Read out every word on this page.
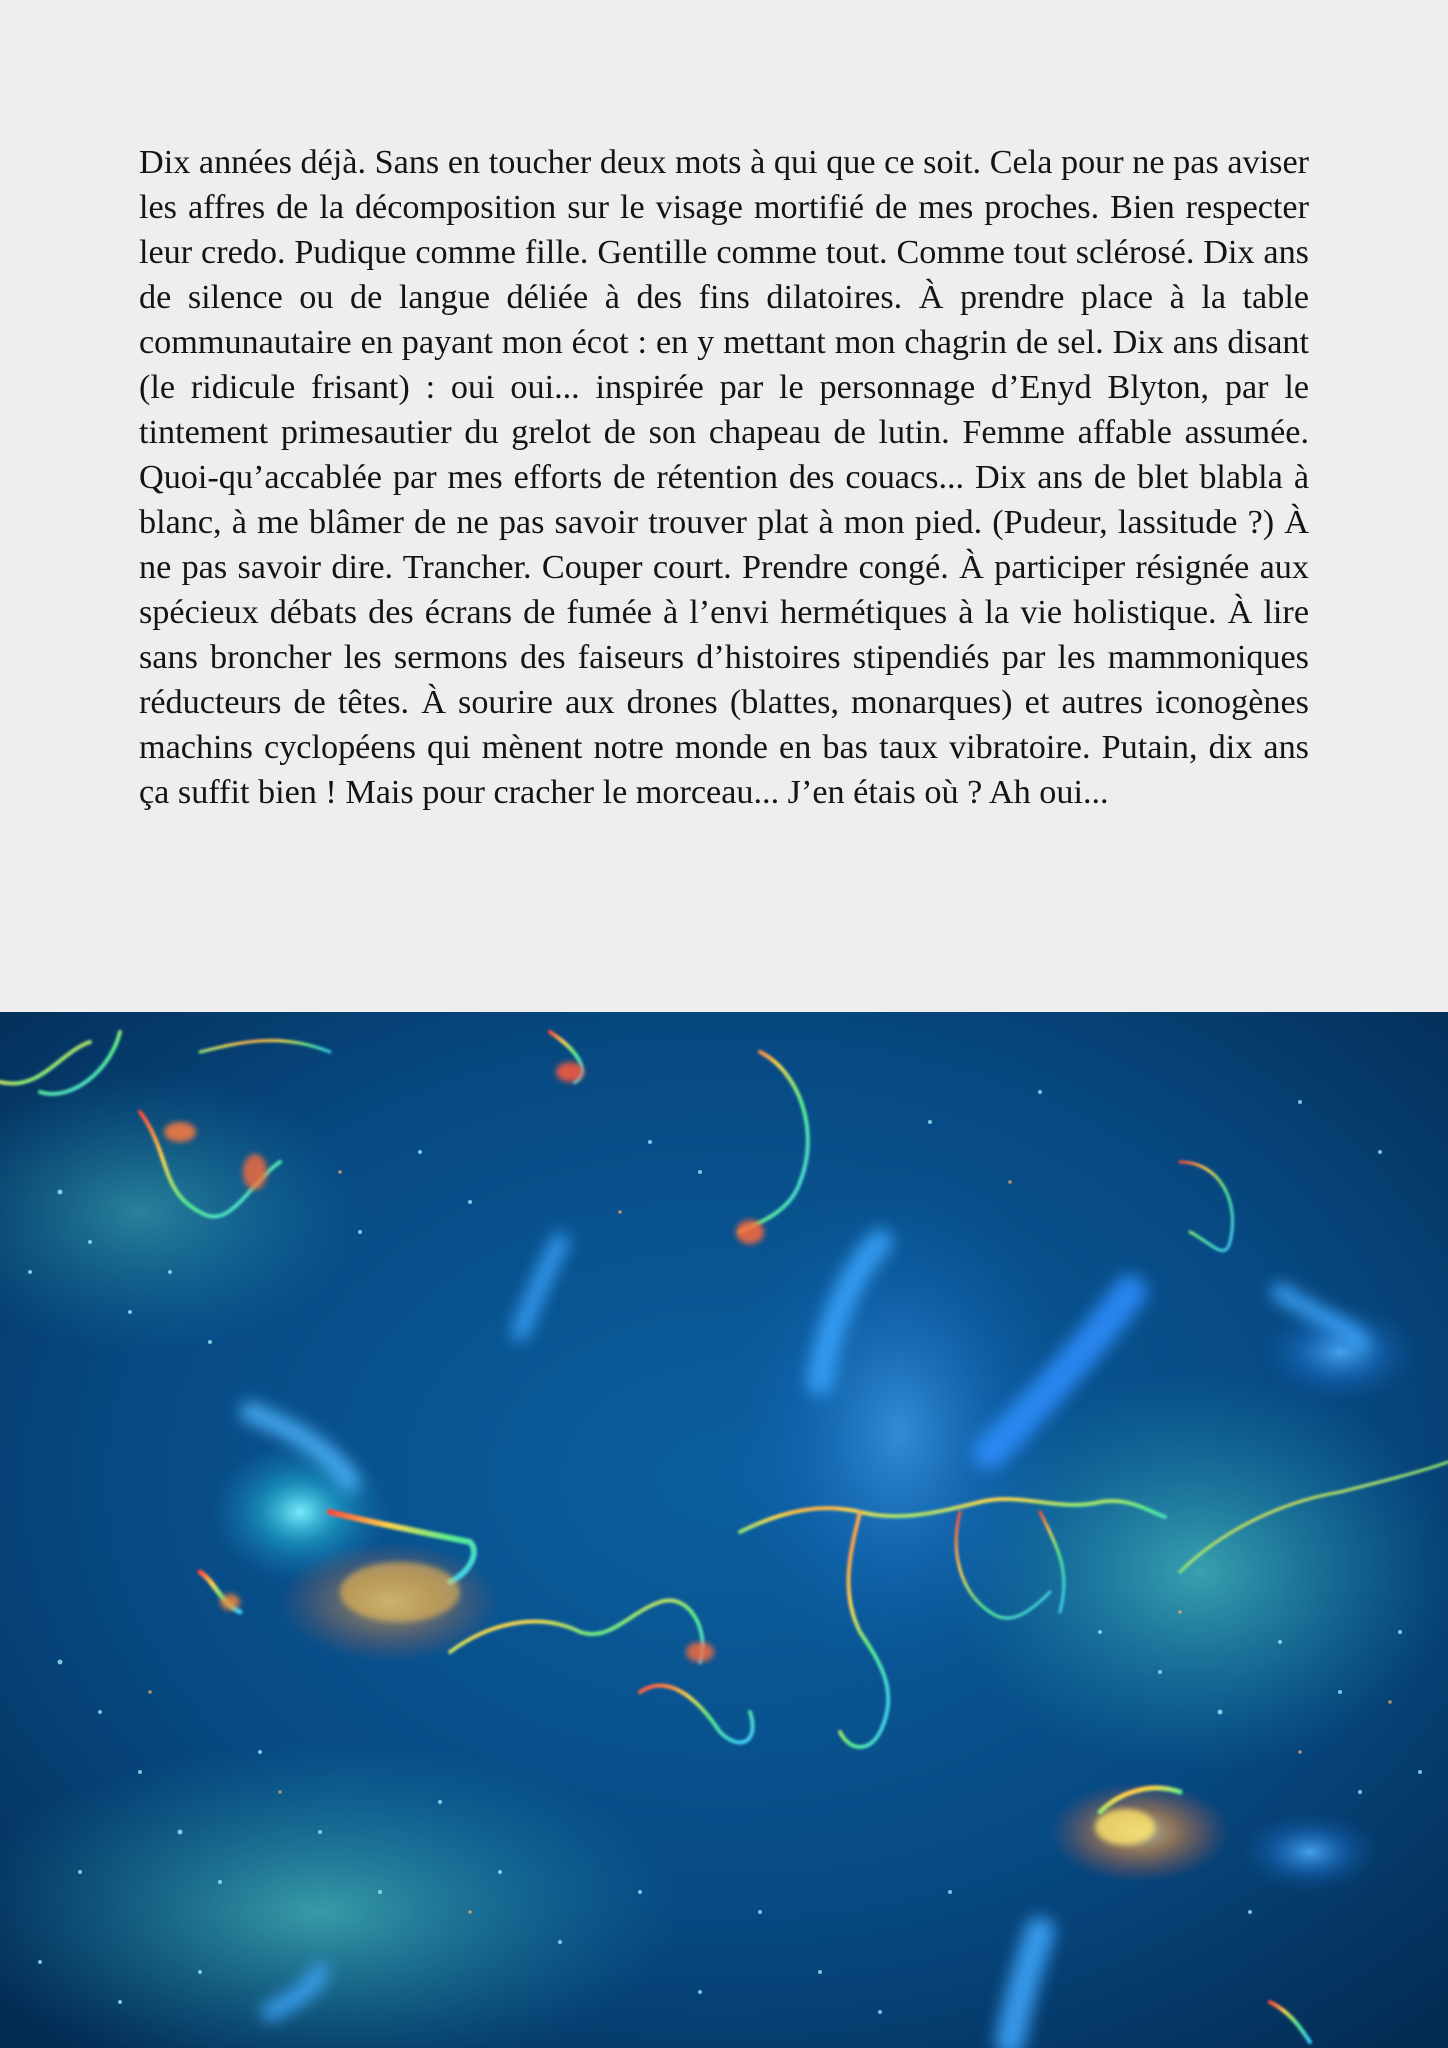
Dix années déjà. Sans en toucher deux mots à qui que ce soit. Cela pour ne pas aviser les affres de la décomposition sur le visage mortifié de mes proches. Bien respecter leur credo. Pudique comme fille. Gentille comme tout. Comme tout sclérosé. Dix ans de silence ou de langue déliée à des fins dilatoires. À prendre place à la table communautaire en payant mon écot : en y mettant mon chagrin de sel. Dix ans disant (le ridicule frisant) : oui oui... inspirée par le personnage d’Enyd Blyton, par le tintement primesautier du grelot de son chapeau de lutin. Femme affable assumée. Quoi-qu’accablée par mes efforts de rétention des couacs... Dix ans de blet blabla à blanc, à me blâmer de ne pas savoir trouver plat à mon pied. (Pudeur, lassitude ?) À ne pas savoir dire. Trancher. Couper court. Prendre congé. À participer résignée aux spécieux débats des écrans de fumée à l’envi hermétiques à la vie holistique. À lire sans broncher les sermons des faiseurs d’histoires stipendiés par les mammoniques réducteurs de têtes. À sourire aux drones (blattes, monarques) et autres iconogènes machins cyclopéens qui mènent notre monde en bas taux vibratoire. Putain, dix ans ça suffit bien ! Mais pour cracher le morceau... J’en étais où ? Ah oui...
